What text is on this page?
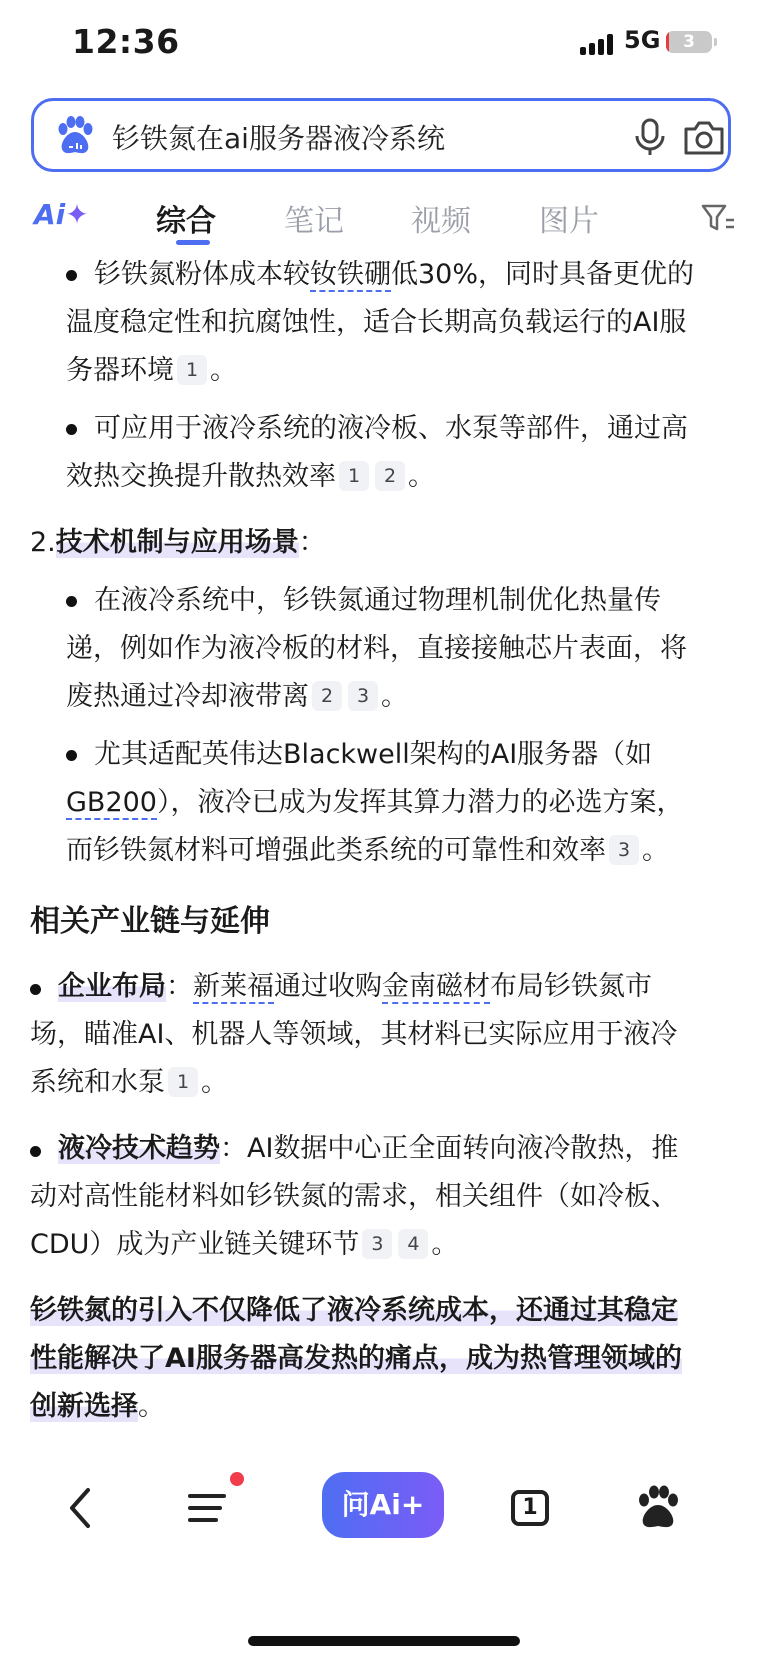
12:36	5G	3
钐铁氮在ai服务器液冷系统
Ai✦ 综合 笔记 视频 图片
钐铁氮粉体成本较钕铁硼低30%，同时具备更优的
温度稳定性和抗腐蚀性，适合长期高负载运行的AI服
务器环境 1 。
可应用于液冷系统的液冷板、水泵等部件，通过高
效热交换提升散热效率 1 2 。
2.技术机制与应用场景：
在液冷系统中，钐铁氮通过物理机制优化热量传
递，例如作为液冷板的材料，直接接触芯片表面，将
废热通过冷却液带离 2 3 。
尤其适配英伟达Blackwell架构的AI服务器（如
GB200），液冷已成为发挥其算力潜力的必选方案，
而钐铁氮材料可增强此类系统的可靠性和效率 3 。
相关产业链与延伸
企业布局：新莱福通过收购金南磁材布局钐铁氮市
场，瞄准AI、机器人等领域，其材料已实际应用于液冷
系统和水泵 1 。
液冷技术趋势：AI数据中心正全面转向液冷散热，推
动对高性能材料如钐铁氮的需求，相关组件（如冷板、
CDU）成为产业链关键环节 3 4 。
钐铁氮的引入不仅降低了液冷系统成本，还通过其稳定
性能解决了AI服务器高发热的痛点，成为热管理领域的
创新选择。
问Ai+	1
